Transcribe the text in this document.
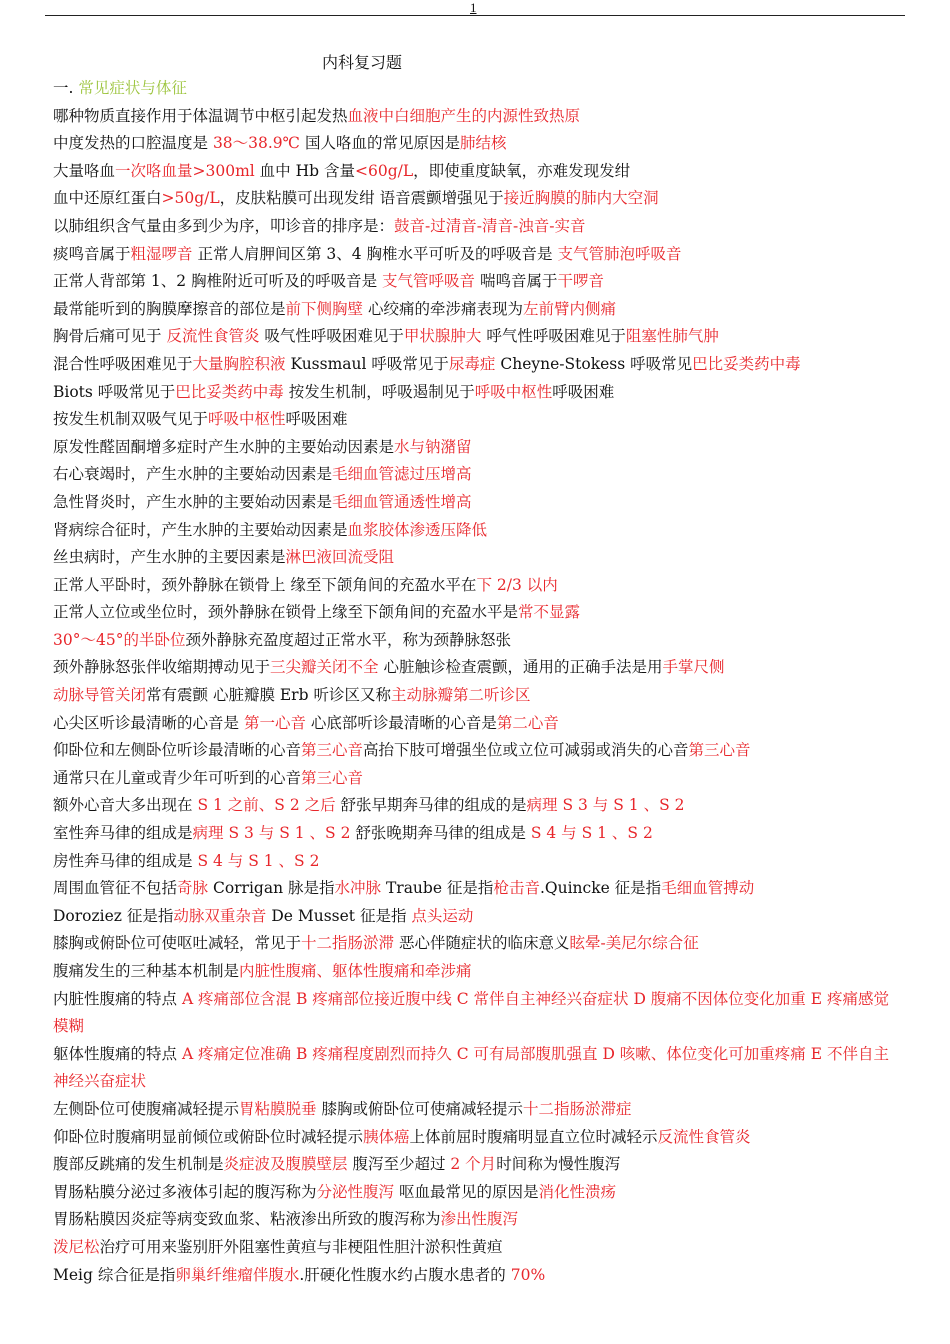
1
内科复习题
一. 常见症状与体征
哪种物质直接作用于体温调节中枢引起发热血液中白细胞产生的内源性致热原
中度发热的口腔温度是 38～38.9℃ 国人咯血的常见原因是肺结核
大量咯血一次咯血量>300ml 血中 Hb 含量<60g/L，即使重度缺氧，亦难发现发绀
血中还原红蛋白>50g/L，皮肤粘膜可出现发绀 语音震颤增强见于接近胸膜的肺内大空洞
以肺组织含气量由多到少为序，叩诊音的排序是：鼓音-过清音-清音-浊音-实音
痰鸣音属于粗湿啰音 正常人肩胛间区第 3、4 胸椎水平可听及的呼吸音是 支气管肺泡呼吸音
正常人背部第 1、2 胸椎附近可听及的呼吸音是 支气管呼吸音 喘鸣音属于干啰音
最常能听到的胸膜摩擦音的部位是前下侧胸壁 心绞痛的牵涉痛表现为左前臂内侧痛
胸骨后痛可见于 反流性食管炎 吸气性呼吸困难见于甲状腺肿大 呼气性呼吸困难见于阻塞性肺气肿
混合性呼吸困难见于大量胸腔积液 Kussmaul 呼吸常见于尿毒症 Cheyne-Stokess 呼吸常见巴比妥类药中毒
Biots 呼吸常见于巴比妥类药中毒 按发生机制，呼吸遏制见于呼吸中枢性呼吸困难
按发生机制双吸气见于呼吸中枢性呼吸困难
原发性醛固酮增多症时产生水肿的主要始动因素是水与钠潴留
右心衰竭时，产生水肿的主要始动因素是毛细血管滤过压增高
急性肾炎时，产生水肿的主要始动因素是毛细血管通透性增高
肾病综合征时，产生水肿的主要始动因素是血浆胶体渗透压降低
丝虫病时，产生水肿的主要因素是淋巴液回流受阻
正常人平卧时，颈外静脉在锁骨上 缘至下颌角间的充盈水平在下 2/3 以内
正常人立位或坐位时，颈外静脉在锁骨上缘至下颌角间的充盈水平是常不显露
30°～45°的半卧位颈外静脉充盈度超过正常水平，称为颈静脉怒张
颈外静脉怒张伴收缩期搏动见于三尖瓣关闭不全 心脏触诊检查震颤，通用的正确手法是用手掌尺侧
动脉导管关闭常有震颤 心脏瓣膜 Erb 听诊区又称主动脉瓣第二听诊区
心尖区听诊最清晰的心音是 第一心音 心底部听诊最清晰的心音是第二心音
仰卧位和左侧卧位听诊最清晰的心音第三心音高抬下肢可增强坐位或立位可减弱或消失的心音第三心音
通常只在儿童或青少年可听到的心音第三心音
额外心音大多出现在 S 1 之前、S 2 之后 舒张早期奔马律的组成的是病理 S 3 与 S 1 、S 2
室性奔马律的组成是病理 S 3 与 S 1 、S 2 舒张晚期奔马律的组成是 S 4 与 S 1 、S 2
房性奔马律的组成是 S 4 与 S 1 、S 2
周围血管征不包括奇脉 Corrigan 脉是指水冲脉 Traube 征是指枪击音.Quincke 征是指毛细血管搏动
Doroziez 征是指动脉双重杂音 De Musset 征是指 点头运动
膝胸或俯卧位可使呕吐减轻，常见于十二指肠淤滞 恶心伴随症状的临床意义眩晕-美尼尔综合征
腹痛发生的三种基本机制是内脏性腹痛、躯体性腹痛和牵涉痛
内脏性腹痛的特点 A 疼痛部位含混 B 疼痛部位接近腹中线 C 常伴自主神经兴奋症状 D 腹痛不因体位变化加重 E 疼痛感觉模糊
躯体性腹痛的特点 A 疼痛定位准确 B 疼痛程度剧烈而持久 C 可有局部腹肌强直 D 咳嗽、体位变化可加重疼痛 E 不伴自主神经兴奋症状
左侧卧位可使腹痛减轻提示胃粘膜脱垂 膝胸或俯卧位可使痛减轻提示十二指肠淤滞症
仰卧位时腹痛明显前倾位或俯卧位时减轻提示胰体癌上体前屈时腹痛明显直立位时减轻示反流性食管炎
腹部反跳痛的发生机制是炎症波及腹膜壁层 腹泻至少超过 2 个月时间称为慢性腹泻
胃肠粘膜分泌过多液体引起的腹泻称为分泌性腹泻 呕血最常见的原因是消化性溃疡
胃肠粘膜因炎症等病变致血浆、粘液渗出所致的腹泻称为渗出性腹泻
泼尼松治疗可用来鉴别肝外阻塞性黄疸与非梗阻性胆汁淤积性黄疸
Meig 综合征是指卵巢纤维瘤伴腹水.肝硬化性腹水约占腹水患者的 70%
